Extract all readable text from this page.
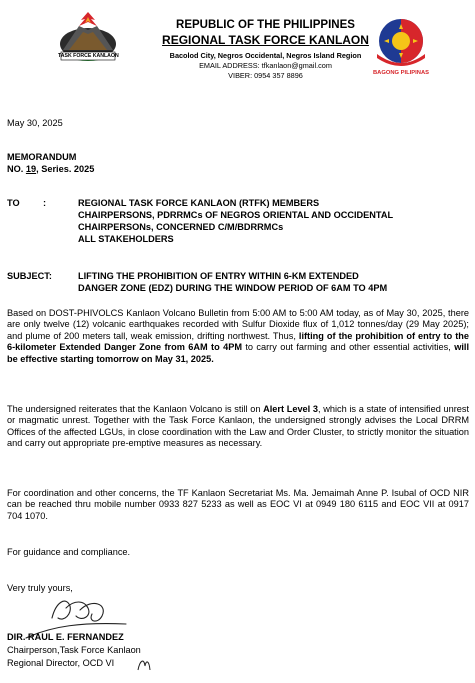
TASK FORCE KANLAON
REPUBLIC OF THE PHILIPPINES
REGIONAL TASK FORCE KANLAON
Bacolod City, Negros Occidental, Negros Island Region
EMAIL ADDRESS: tfkanlaon@gmail.com
VIBER: 0954 357 8896	BAGONG PILIPINAS
May 30, 2025
MEMORANDUM
NO. 19, Series. 2025
TO	:	REGIONAL TASK FORCE KANLAON (RTFK) MEMBERS
CHAIRPERSONS, PDRRMCs OF NEGROS ORIENTAL AND OCCIDENTAL
CHAIRPERSONs, CONCERNED C/M/BDRRMCs
ALL STAKEHOLDERS
SUBJECT:	LIFTING THE PROHIBITION OF ENTRY WITHIN 6-KM EXTENDED
DANGER ZONE (EDZ) DURING THE WINDOW PERIOD OF 6AM TO 4PM
Based on DOST-PHIVOLCS Kanlaon Volcano Bulletin from 5:00 AM to 5:00 AM today, as of May 30, 2025, there are only twelve (12) volcanic earthquakes recorded with Sulfur Dioxide flux of 1,012 tonnes/day (29 May 2025); and plume of 200 meters tall, weak emission, drifting northwest. Thus, lifting of the prohibition of entry to the 6-kilometer Extended Danger Zone from 6AM to 4PM to carry out farming and other essential activities, will be effective starting tomorrow on May 31, 2025.
The undersigned reiterates that the Kanlaon Volcano is still on Alert Level 3, which is a state of intensified unrest or magmatic unrest. Together with the Task Force Kanlaon, the undersigned strongly advises the Local DRRM Offices of the affected LGUs, in close coordination with the Law and Order Cluster, to strictly monitor the situation and carry out appropriate pre-emptive measures as necessary.
For coordination and other concerns, the TF Kanlaon Secretariat Ms. Ma. Jemaimah Anne P. Isubal of OCD NIR can be reached thru mobile number 0933 827 5233 as well as EOC VI at 0949 180 6115 and EOC VII at 0917 704 1070.
For guidance and compliance.
Very truly yours,
DIR. RAUL E. FERNANDEZ
Chairperson,Task Force Kanlaon
Regional Director, OCD VI
